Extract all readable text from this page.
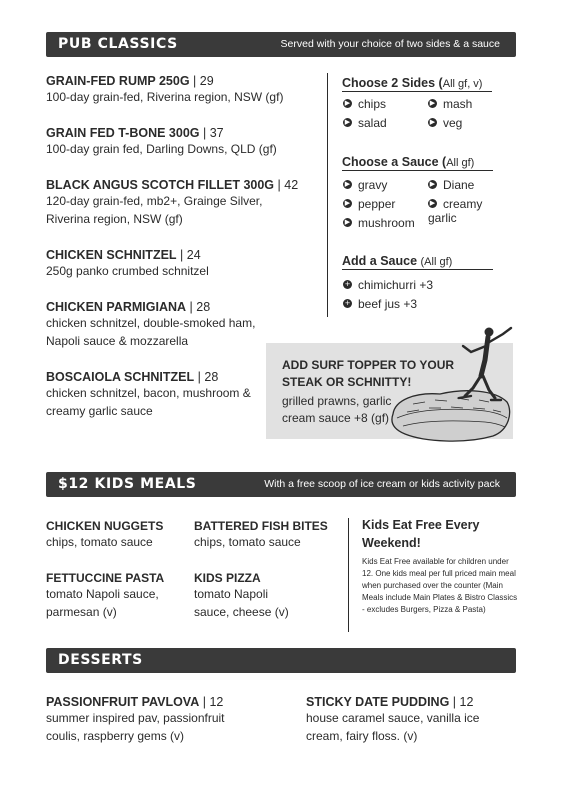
PUB CLASSICS	Served with your choice of two sides & a sauce
GRAIN-FED RUMP 250G | 29
100-day grain-fed, Riverina region, NSW (gf)
GRAIN FED T-BONE 300G | 37
100-day grain fed, Darling Downs, QLD (gf)
BLACK ANGUS SCOTCH FILLET 300G | 42
120-day grain-fed, mb2+, Grainge Silver, Riverina region, NSW (gf)
CHICKEN SCHNITZEL | 24
250g panko crumbed schnitzel
CHICKEN PARMIGIANA | 28
chicken schnitzel, double-smoked ham, Napoli sauce & mozzarella
BOSCAIOLA SCHNITZEL | 28
chicken schnitzel, bacon, mushroom & creamy garlic sauce
Choose 2 Sides (All gf, v)
▶ chips	▶ mash
▶ salad	▶ veg
Choose a Sauce (All gf)
▶ gravy	▶ Diane
▶ pepper	▶ creamy garlic
▶ mushroom
Add a Sauce (All gf)
+ chimichurri +3
+ beef jus +3
ADD SURF TOPPER TO YOUR STEAK OR SCHNITTY!
grilled prawns, garlic cream sauce +8 (gf)
$12 KIDS MEALS	With a free scoop of ice cream or kids activity pack
CHICKEN NUGGETS
chips, tomato sauce
BATTERED FISH BITES
chips, tomato sauce
FETTUCCINE PASTA
tomato Napoli sauce, parmesan (v)
KIDS PIZZA
tomato Napoli sauce, cheese (v)
Kids Eat Free Every Weekend!
Kids Eat Free available for children under 12. One kids meal per full priced main meal when purchased over the counter (Main Meals include Main Plates & Bistro Classics - excludes Burgers, Pizza & Pasta)
DESSERTS
PASSIONFRUIT PAVLOVA | 12
summer inspired pav, passionfruit coulis, raspberry gems (v)
STICKY DATE PUDDING | 12
house caramel sauce, vanilla ice cream, fairy floss. (v)
